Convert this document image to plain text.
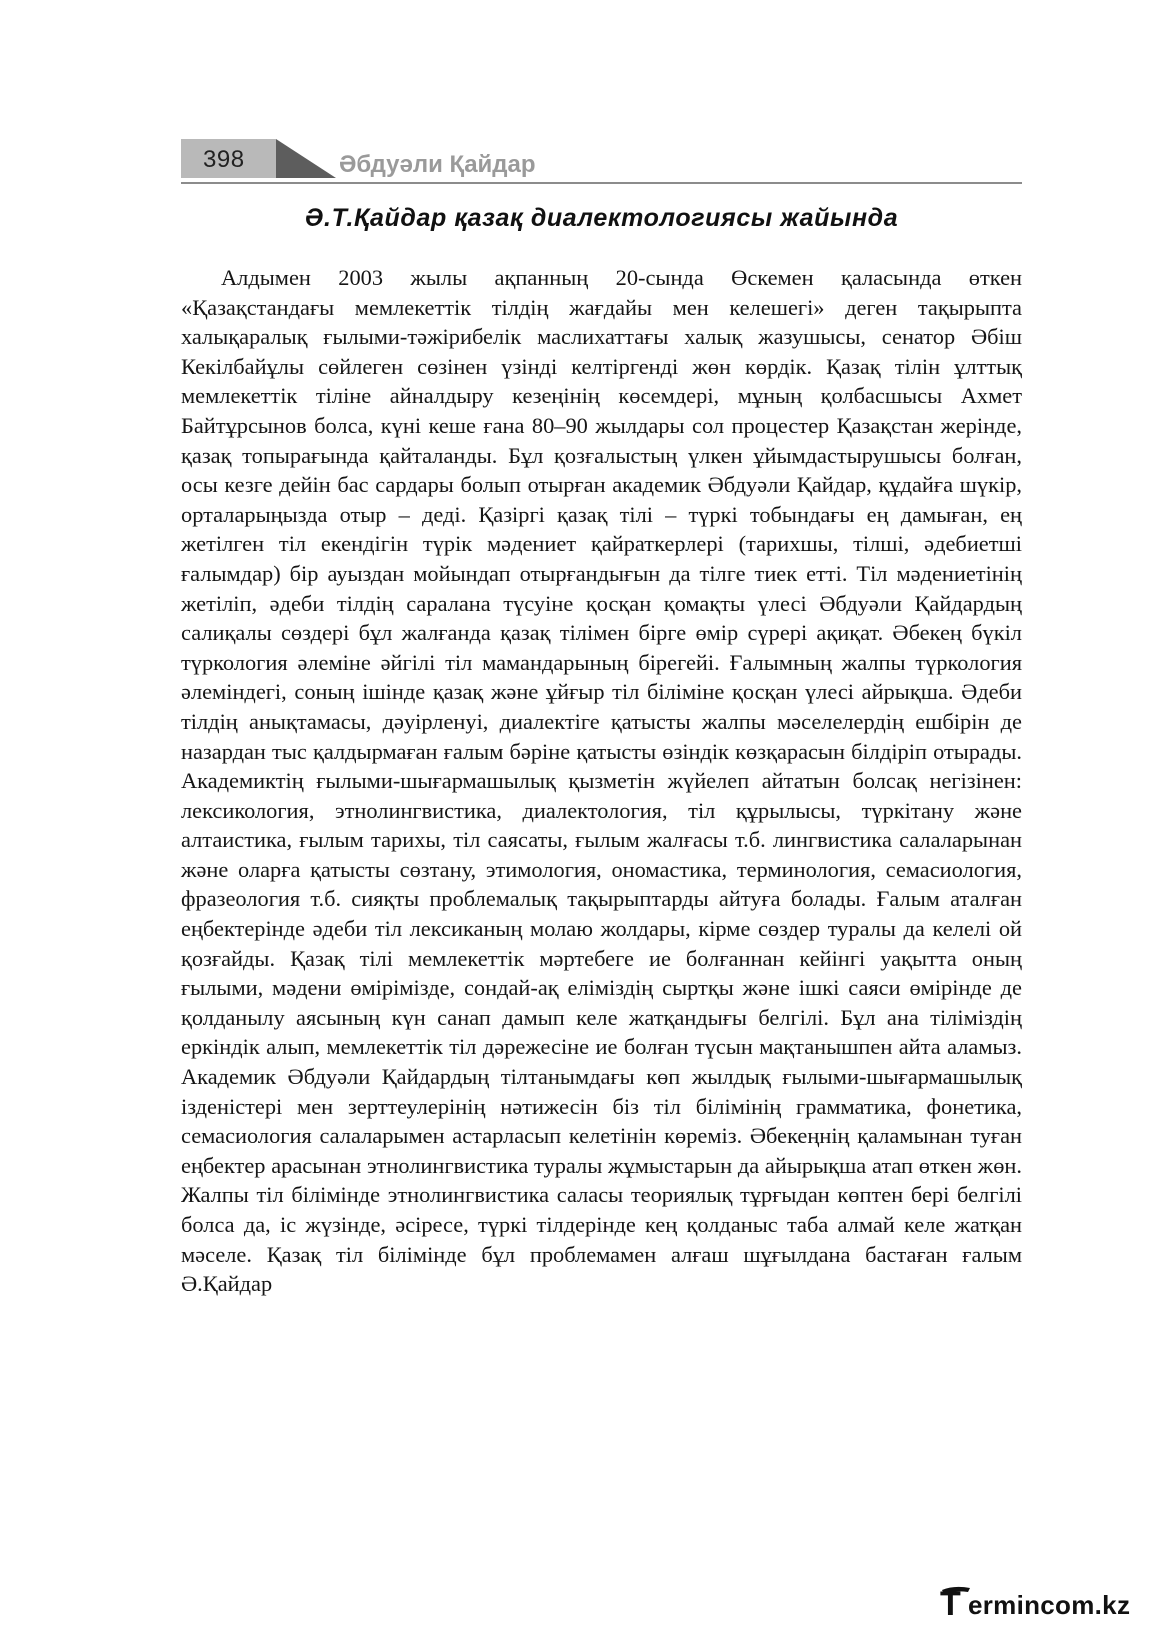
398	Әбдуәли Қайдар
Ә.Т.Қайдар қазақ диалектологиясы жайында

Алдымен 2003 жылы ақпанның 20-сында Өскемен қаласында өткен «Қазақстандағы мемлекеттік тілдің жағдайы мен келешегі» деген тақырыпта халықаралық ғылыми-тәжірибелік маслихаттағы халық жазушысы, сенатор Әбіш Кекілбайұлы сөйлеген сөзінен үзінді келтіргенді жөн көрдік. Қазақ тілін ұлттық мемлекеттік тіліне айналдыру кезеңінің көсемдері, мұның қолбасшысы Ахмет Байтұрсынов болса, күні кеше ғана 80–90 жылдары сол процестер Қазақстан жерінде, қазақ топырағында қайталанды. Бұл қозғалыстың үлкен ұйымдастырушысы болған, осы кезге дейін бас сардары болып отырған академик Әбдуәли Қайдар, құдайға шүкір, орталарыңызда отыр – деді. Қазіргі қазақ тілі – түркі тобындағы ең дамыған, ең жетілген тіл екендігін түрік мәдениет қайраткерлері (тарихшы, тілші, әдебиетші ғалымдар) бір ауыздан мойындап отырғандығын да тілге тиек етті. Тіл мәдениетінің жетіліп, әдеби тілдің саралана түсуіне қосқан қомақты үлесі Әбдуәли Қайдардың салиқалы сөздері бұл жалғанда қазақ тілімен бірге өмір сүрері ақиқат. Әбекең бүкіл түркология әлеміне әйгілі тіл мамандарының бірегейі. Ғалымның жалпы түркология әлеміндегі, соның ішінде қазақ және ұйғыр тіл біліміне қосқан үлесі айрықша. Әдеби тілдің анықтамасы, дәуірленуі, диалектіге қатысты жалпы мәселелердің ешбірін де назардан тыс қалдырмаған ғалым бәріне қатысты өзіндік көзқарасын білдіріп отырады. Академиктің ғылыми-шығармашылық қызметін жүйелеп айтатын болсақ негізінен: лексикология, этнолингвистика, диалектология, тіл құрылысы, түркітану және алтаистика, ғылым тарихы, тіл саясаты, ғылым жалғасы т.б. лингвистика салаларынан және оларға қатысты сөзтану, этимология, ономастика, терминология, семасиология, фразеология т.б. сияқты проблемалық тақырыптарды айтуға болады. Ғалым аталған еңбектерінде әдеби тіл лексиканың молаю жолдары, кірме сөздер туралы да келелі ой қозғайды. Қазақ тілі мемлекеттік мәртебеге ие болғаннан кейінгі уақытта оның ғылыми, мәдени өмірімізде, сондай-ақ еліміздің сыртқы және ішкі саяси өмірінде де қолданылу аясының күн санап дамып келе жатқандығы белгілі. Бұл ана тіліміздің еркіндік алып, мемлекеттік тіл дәрежесіне ие болған түсын мақтанышпен айта аламыз. Академик Әбдуәли Қайдардың тілтанымдағы көп жылдық ғылыми-шығармашылық ізденістері мен зерттеулерінің нәтижесін біз тіл білімінің грамматика, фонетика, семасиология салаларымен астарласып келетінін көреміз. Әбекеңнің қаламынан туған еңбектер арасынан этнолингвистика туралы жұмыстарын да айырықша атап өткен жөн. Жалпы тіл білімінде этнолингвистика саласы теориялық тұрғыдан көптен бері белгілі болса да, іс жүзінде, әсіресе, түркі тілдерінде кең қолданыс таба алмай келе жатқан мәселе. Қазақ тіл білімінде бұл проблемамен алғаш шұғылдана бастаған ғалым Ә.Қайдар

T ermincom.kz
